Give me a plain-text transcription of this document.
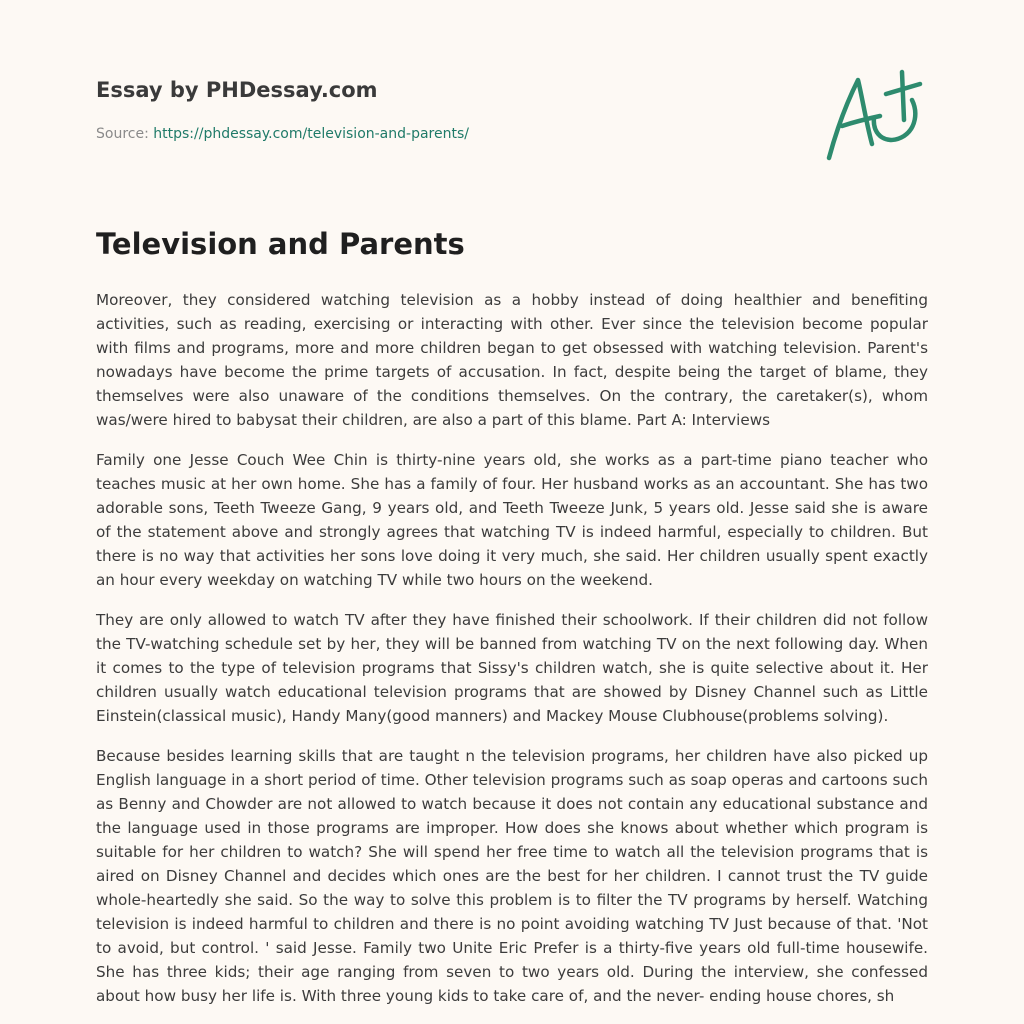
Essay by PHDessay.com
Source: https://phdessay.com/television-and-parents/
Television and Parents

Moreover, they considered watching television as a hobby instead of doing healthier and benefiting activities, such as reading, exercising or interacting with other. Ever since the television become popular with films and programs, more and more children began to get obsessed with watching television. Parent's nowadays have become the prime targets of accusation. In fact, despite being the target of blame, they themselves were also unaware of the conditions themselves. On the contrary, the caretaker(s), whom was/were hired to babysat their children, are also a part of this blame. Part A: Interviews

Family one Jesse Couch Wee Chin is thirty-nine years old, she works as a part-time piano teacher who teaches music at her own home. She has a family of four. Her husband works as an accountant. She has two adorable sons, Teeth Tweeze Gang, 9 years old, and Teeth Tweeze Junk, 5 years old. Jesse said she is aware of the statement above and strongly agrees that watching TV is indeed harmful, especially to children. But there is no way that activities her sons love doing it very much, she said. Her children usually spent exactly an hour every weekday on watching TV while two hours on the weekend.

They are only allowed to watch TV after they have finished their schoolwork. If their children did not follow the TV-watching schedule set by her, they will be banned from watching TV on the next following day. When it comes to the type of television programs that Sissy's children watch, she is quite selective about it. Her children usually watch educational television programs that are showed by Disney Channel such as Little Einstein(classical music), Handy Many(good manners) and Mackey Mouse Clubhouse(problems solving).

Because besides learning skills that are taught n the television programs, her children have also picked up English language in a short period of time. Other television programs such as soap operas and cartoons such as Benny and Chowder are not allowed to watch because it does not contain any educational substance and the language used in those programs are improper. How does she knows about whether which program is suitable for her children to watch? She will spend her free time to watch all the television programs that is aired on Disney Channel and decides which ones are the best for her children. I cannot trust the TV guide whole-heartedly she said. So the way to solve this problem is to filter the TV programs by herself. Watching television is indeed harmful to children and there is no point avoiding watching TV Just because of that. 'Not to avoid, but control. ' said Jesse. Family two Unite Eric Prefer is a thirty-five years old full-time housewife. She has three kids; their age ranging from seven to two years old. During the interview, she confessed about how busy her life is. With three young kids to take care of, and the never- ending house chores, sh
